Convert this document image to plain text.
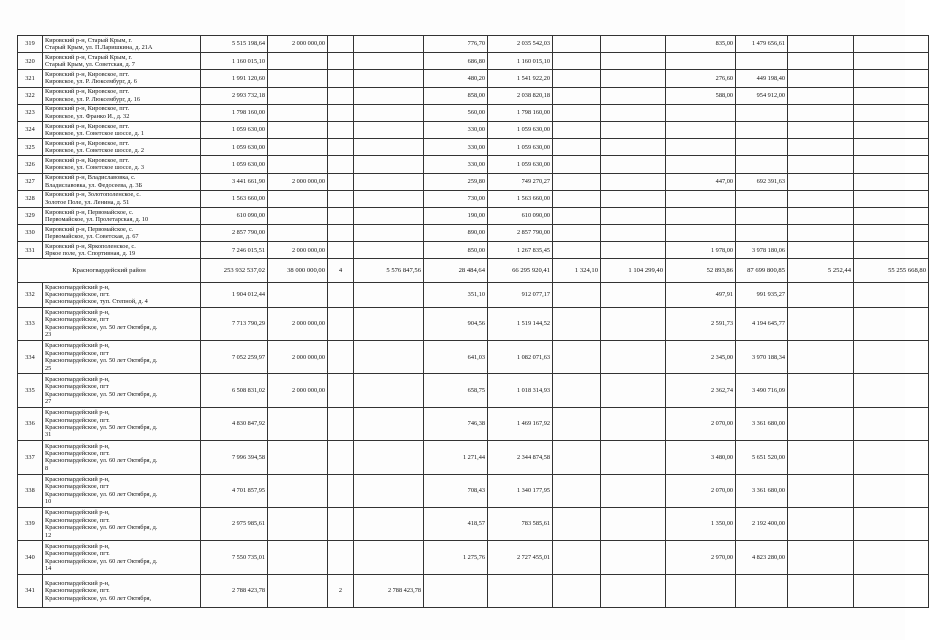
319	Кировский р-н, Старый Крым, г.
Старый Крым, ул. П.Ларишкина, д. 21А	5 515 198,64	2 000 000,00			776,70	2 035 542,03			835,00	1 479 656,61			
320	Кировский р-н, Старый Крым, г.
Старый Крым, ул. Советская, д. 7	1 160 015,10				686,80	1 160 015,10							
321	Кировский р-н, Кировское, пгт.
Кировское, ул. Р. Люксембург, д. 6	1 991 120,60				480,20	1 541 922,20			276,60	449 198,40			
322	Кировский р-н, Кировское, пгт.
Кировское, ул. Р. Люксембург, д. 16	2 993 732,18				858,00	2 038 820,18			588,00	954 912,00			
323	Кировский р-н, Кировское, пгт.
Кировское, ул. Франко И., д. 32	1 798 160,00				560,00	1 798 160,00							
324	Кировский р-н, Кировское, пгт.
Кировское, ул. Советское шоссе, д. 1	1 059 630,00				330,00	1 059 630,00							
325	Кировский р-н, Кировское, пгт.
Кировское, ул. Советское шоссе, д. 2	1 059 630,00				330,00	1 059 630,00							
326	Кировский р-н, Кировское, пгт.
Кировское, ул. Советское шоссе, д. 3	1 059 630,00				330,00	1 059 630,00							
327	Кировский р-н, Владиславовка, с.
Владиславовка, ул. Федосеева, д. 3Б	3 441 661,90	2 000 000,00			259,80	749 270,27			447,00	692 391,63			
328	Кировский р-н, Золотополенское, с.
Золотое Поле, ул. Ленина, д. 51	1 563 660,00				730,00	1 563 660,00							
329	Кировский р-н, Первомайское, с.
Первомайское, ул. Пролетарская, д. 10	610 090,00				190,00	610 090,00							
330	Кировский р-н, Первомайское, с.
Первомайское, ул. Советская, д. 67	2 857 790,00				890,00	2 857 790,00							
331	Кировский р-н, Яркополенское, с.
Яркое поле, ул. Спортивная, д. 19	7 246 015,51	2 000 000,00			850,00	1 267 835,45			1 978,00	3 978 180,06			
Красногвардейский район		253 932 537,02	38 000 000,00	4	5 576 847,56	28 484,64	66 295 920,41	1 324,10	1 104 299,40	52 893,86	87 699 800,85	5 252,44	55 255 668,80	
332	Красногвардейский р-н,
Красногвардейское, пгт.
Красногвардейское, туп. Степной, д. 4	1 904 012,44				351,10	912 077,17			497,91	991 935,27			
333	Красногвардейский р-н,
Красногвардейское, пгт
Красногвардейское, ул. 50 лет Октября, д.
23	7 713 790,29	2 000 000,00			904,56	1 519 144,52			2 591,73	4 194 645,77			
334	Красногвардейский р-н,
Красногвардейское, пгт
Красногвардейское, ул. 50 лет Октября, д.
25	7 052 259,97	2 000 000,00			641,03	1 082 071,63			2 345,00	3 970 188,34			
335	Красногвардейский р-н,
Красногвардейское, пгт
Красногвардейское, ул. 50 лет Октября, д.
27	6 508 831,02	2 000 000,00			658,75	1 018 314,93			2 362,74	3 490 716,09			
336	Красногвардейский р-н,
Красногвардейское, пгт.
Красногвардейское, ул. 50 лет Октября, д.
31	4 830 847,92				746,38	1 469 167,92			2 070,00	3 361 680,00			
337	Красногвардейский р-н,
Красногвардейское, пгт.
Красногвардейское, ул. 60 лет Октября, д.
8	7 996 394,58				1 271,44	2 344 874,58			3 480,00	5 651 520,00			
338	Красногвардейский р-н,
Красногвардейское, пгт
Красногвардейское, ул. 60 лет Октября, д.
10	4 701 857,95				708,43	1 340 177,95			2 070,00	3 361 680,00			
339	Красногвардейский р-н,
Красногвардейское, пгт.
Красногвардейское, ул. 60 лет Октября, д.
12	2 975 985,61				418,57	783 585,61			1 350,00	2 192 400,00			
340	Красногвардейский р-н,
Красногвардейское, пгт.
Красногвардейское, ул. 60 лет Октября, д.
14	7 550 735,01				1 275,76	2 727 455,01			2 970,00	4 823 280,00			
341	Красногвардейский р-н,
Красногвардейское, пгт.
Красногвардейское, ул. 60 лет Октября,	2 788 423,78		2	2 788 423,78									
